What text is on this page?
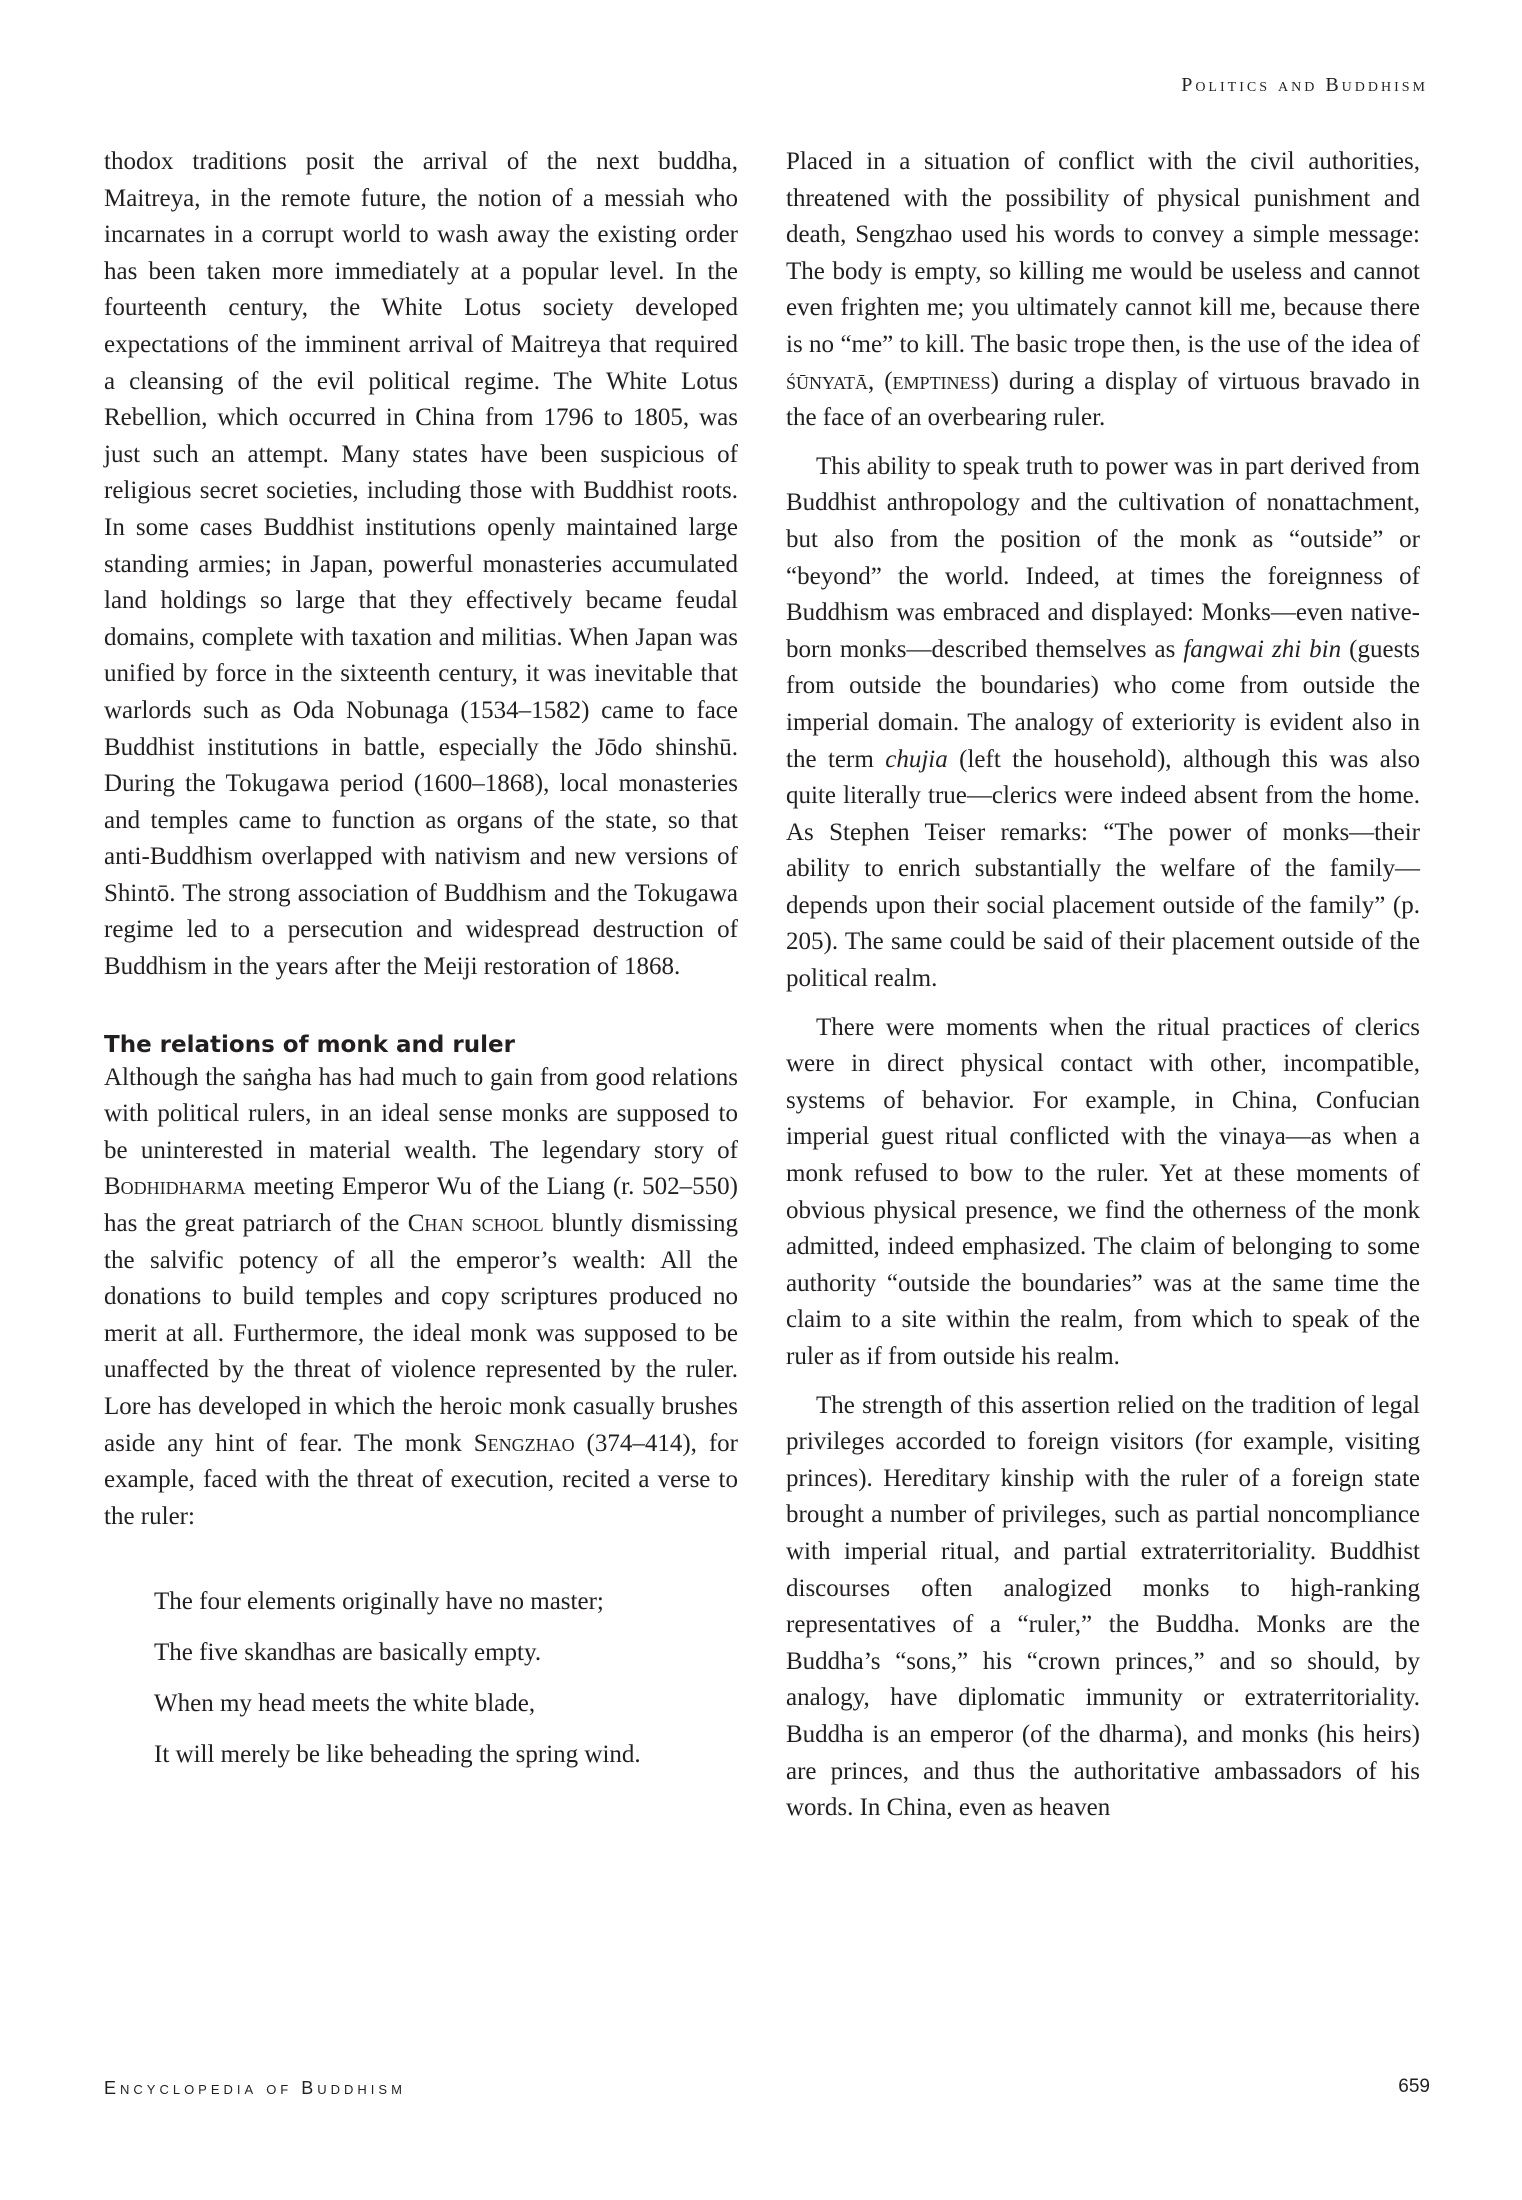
Politics and Buddhism

thodox traditions posit the arrival of the next buddha, Maitreya, in the remote future, the notion of a messiah who incarnates in a corrupt world to wash away the existing order has been taken more immediately at a popular level. In the fourteenth century, the White Lotus society developed expectations of the imminent arrival of Maitreya that required a cleansing of the evil political regime. The White Lotus Rebellion, which occurred in China from 1796 to 1805, was just such an attempt. Many states have been suspicious of religious secret societies, including those with Buddhist roots. In some cases Buddhist institutions openly maintained large standing armies; in Japan, powerful monasteries accumulated land holdings so large that they effectively became feudal domains, complete with taxation and militias. When Japan was unified by force in the sixteenth century, it was inevitable that warlords such as Oda Nobunaga (1534–1582) came to face Buddhist institutions in battle, especially the Jōdo shinshū. During the Tokugawa period (1600–1868), local monasteries and temples came to function as organs of the state, so that anti-Buddhism overlapped with nativism and new versions of Shintō. The strong association of Buddhism and the Tokugawa regime led to a persecution and widespread destruction of Buddhism in the years after the Meiji restoration of 1868.

The relations of monk and ruler

Although the saṅgha has had much to gain from good relations with political rulers, in an ideal sense monks are supposed to be uninterested in material wealth. The legendary story of Bodhidharma meeting Emperor Wu of the Liang (r. 502–550) has the great patriarch of the Chan school bluntly dismissing the salvific potency of all the emperor’s wealth: All the donations to build temples and copy scriptures produced no merit at all. Furthermore, the ideal monk was supposed to be unaffected by the threat of violence represented by the ruler. Lore has developed in which the heroic monk casually brushes aside any hint of fear. The monk Sengzhao (374–414), for example, faced with the threat of execution, recited a verse to the ruler:

The four elements originally have no master;

The five skandhas are basically empty.

When my head meets the white blade,

It will merely be like beheading the spring wind.

Placed in a situation of conflict with the civil authorities, threatened with the possibility of physical punishment and death, Sengzhao used his words to convey a simple message: The body is empty, so killing me would be useless and cannot even frighten me; you ultimately cannot kill me, because there is no “me” to kill. The basic trope then, is the use of the idea of śūnyatā, (emptiness) during a display of virtuous bravado in the face of an overbearing ruler.

This ability to speak truth to power was in part derived from Buddhist anthropology and the cultivation of nonattachment, but also from the position of the monk as “outside” or “beyond” the world. Indeed, at times the foreignness of Buddhism was embraced and displayed: Monks—even native-born monks—described themselves as fangwai zhi bin (guests from outside the boundaries) who come from outside the imperial domain. The analogy of exteriority is evident also in the term chujia (left the household), although this was also quite literally true—clerics were indeed absent from the home. As Stephen Teiser remarks: “The power of monks—their ability to enrich substantially the welfare of the family—depends upon their social placement outside of the family” (p. 205). The same could be said of their placement outside of the political realm.

There were moments when the ritual practices of clerics were in direct physical contact with other, incompatible, systems of behavior. For example, in China, Confucian imperial guest ritual conflicted with the vinaya—as when a monk refused to bow to the ruler. Yet at these moments of obvious physical presence, we find the otherness of the monk admitted, indeed emphasized. The claim of belonging to some authority “outside the boundaries” was at the same time the claim to a site within the realm, from which to speak of the ruler as if from outside his realm.

The strength of this assertion relied on the tradition of legal privileges accorded to foreign visitors (for example, visiting princes). Hereditary kinship with the ruler of a foreign state brought a number of privileges, such as partial noncompliance with imperial ritual, and partial extraterritoriality. Buddhist discourses often analogized monks to high-ranking representatives of a “ruler,” the Buddha. Monks are the Buddha’s “sons,” his “crown princes,” and so should, by analogy, have diplomatic immunity or extraterritoriality. Buddha is an emperor (of the dharma), and monks (his heirs) are princes, and thus the authoritative ambassadors of his words. In China, even as heaven

Encyclopedia of Buddhism	659
